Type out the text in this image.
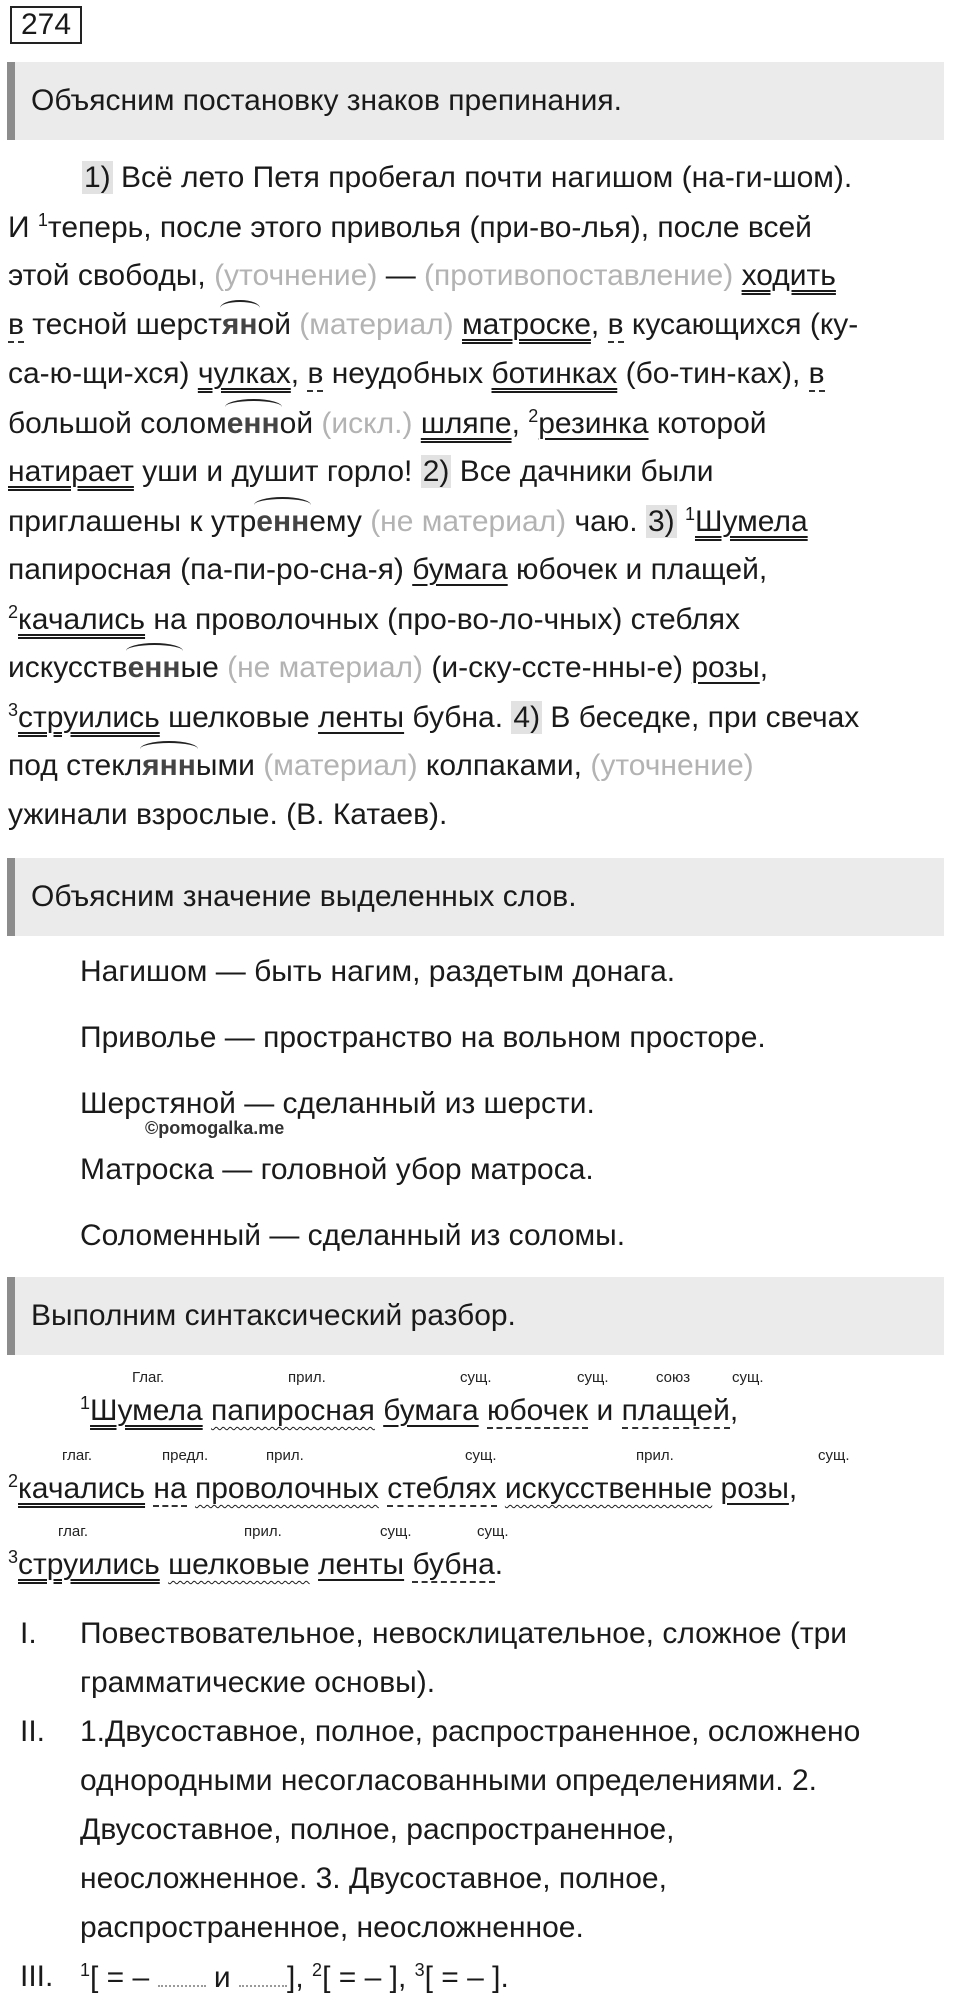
274
Объясним постановку знаков препинания.
1) Всё лето Петя пробегал почти нагишом (на-ги-шом).
И $^1$теперь, после этого приволья (при-во-лья), после всей
этой свободы, (уточнение) — (противопоставление) ходить
в тесной шерстяной (материал) матроске, в кусающихся (ку-
са-ю-щи-хся) чулках, в неудобных ботинках (бо-тин-ках), в
большой соломенной (искл.) шляпе, $^2$резинка которой
натирает уши и душит горло! 2) Все дачники были
приглашены к утреннему (не материал) чаю. 3) $^1$Шумела
папиросная (па-пи-ро-сна-я) бумага юбочек и плащей,
$^2$качались на проволочных (про-во-ло-чных) стеблях
искусственные (не материал) (и-ску-ссте-нны-е) розы,
$^3$струились шелковые ленты бубна. 4) В беседке, при свечах
под стеклянными (материал) колпаками, (уточнение)
ужинали взрослые. (В. Катаев).
Объясним значение выделенных слов.
Нагишом — быть нагим, раздетым донага.
Приволье — пространство на вольном просторе.
Шерстяной — сделанный из шерсти.
Матроска — головной убор матроса.
Соломенный — сделанный из соломы.
©pomogalka.me
Выполним синтаксический разбор.
Глаг.	прил.	сущ.	сущ.	союз	сущ.
$^1$Шумела папиросная бумага юбочек и плащей,
глаг.	предл.	прил.	сущ.	прил.	сущ.
$^2$качались на проволочных стеблях искусственные розы,
глаг.	прил.	сущ.	сущ.
$^3$струились шелковые ленты бубна.
I. Повествовательное, невосклицательное, сложное (три
грамматические основы).
II. 1.Двусоставное, полное, распространенное, осложнено
однородными несогласованными определениями. 2.
Двусоставное, полное, распространенное,
неосложненное. 3. Двусоставное, полное,
распространенное, неосложненное.
III. $^1$[ = – и ], $^2$[ = – ], $^3$[ = – ].
